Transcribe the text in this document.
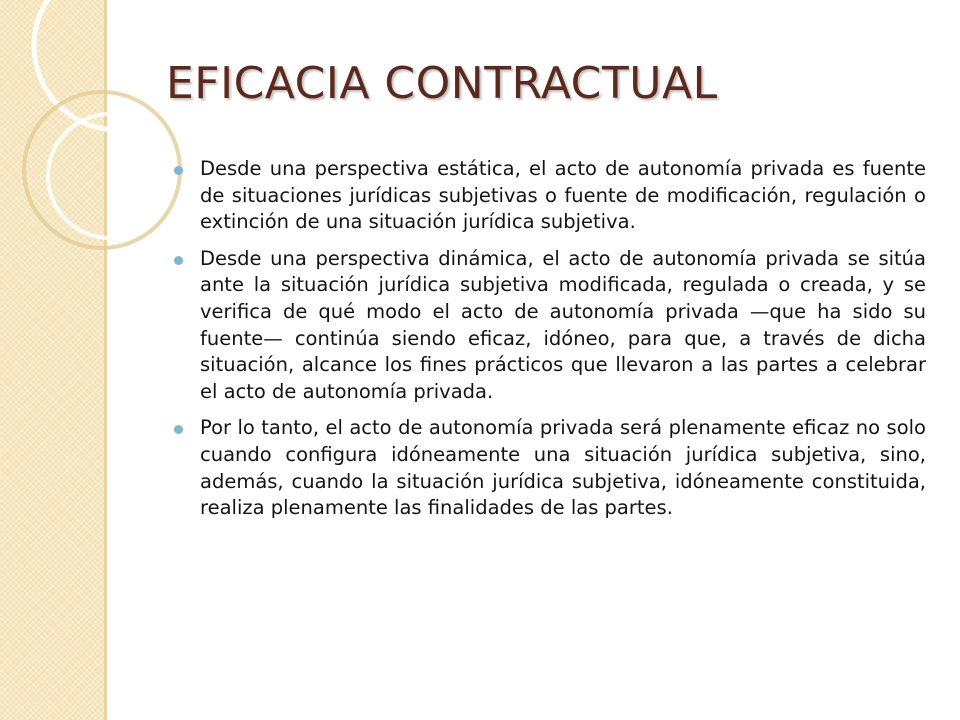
EFICACIA CONTRACTUAL
Desde una perspectiva estática, el acto de autonomía privada es fuente de situaciones jurídicas subjetivas o fuente de modificación, regulación o extinción de una situación jurídica subjetiva.
Desde una perspectiva dinámica, el acto de autonomía privada se sitúa ante la situación jurídica subjetiva modificada, regulada o creada, y se verifica de qué modo el acto de autonomía privada —que ha sido su fuente— continúa siendo eficaz, idóneo, para que, a través de dicha situación, alcance los fines prácticos que llevaron a las partes a celebrar el acto de autonomía privada.
Por lo tanto, el acto de autonomía privada será plenamente eficaz no solo cuando configura idóneamente una situación jurídica subjetiva, sino, además, cuando la situación jurídica subjetiva, idóneamente constituida, realiza plenamente las finalidades de las partes.
